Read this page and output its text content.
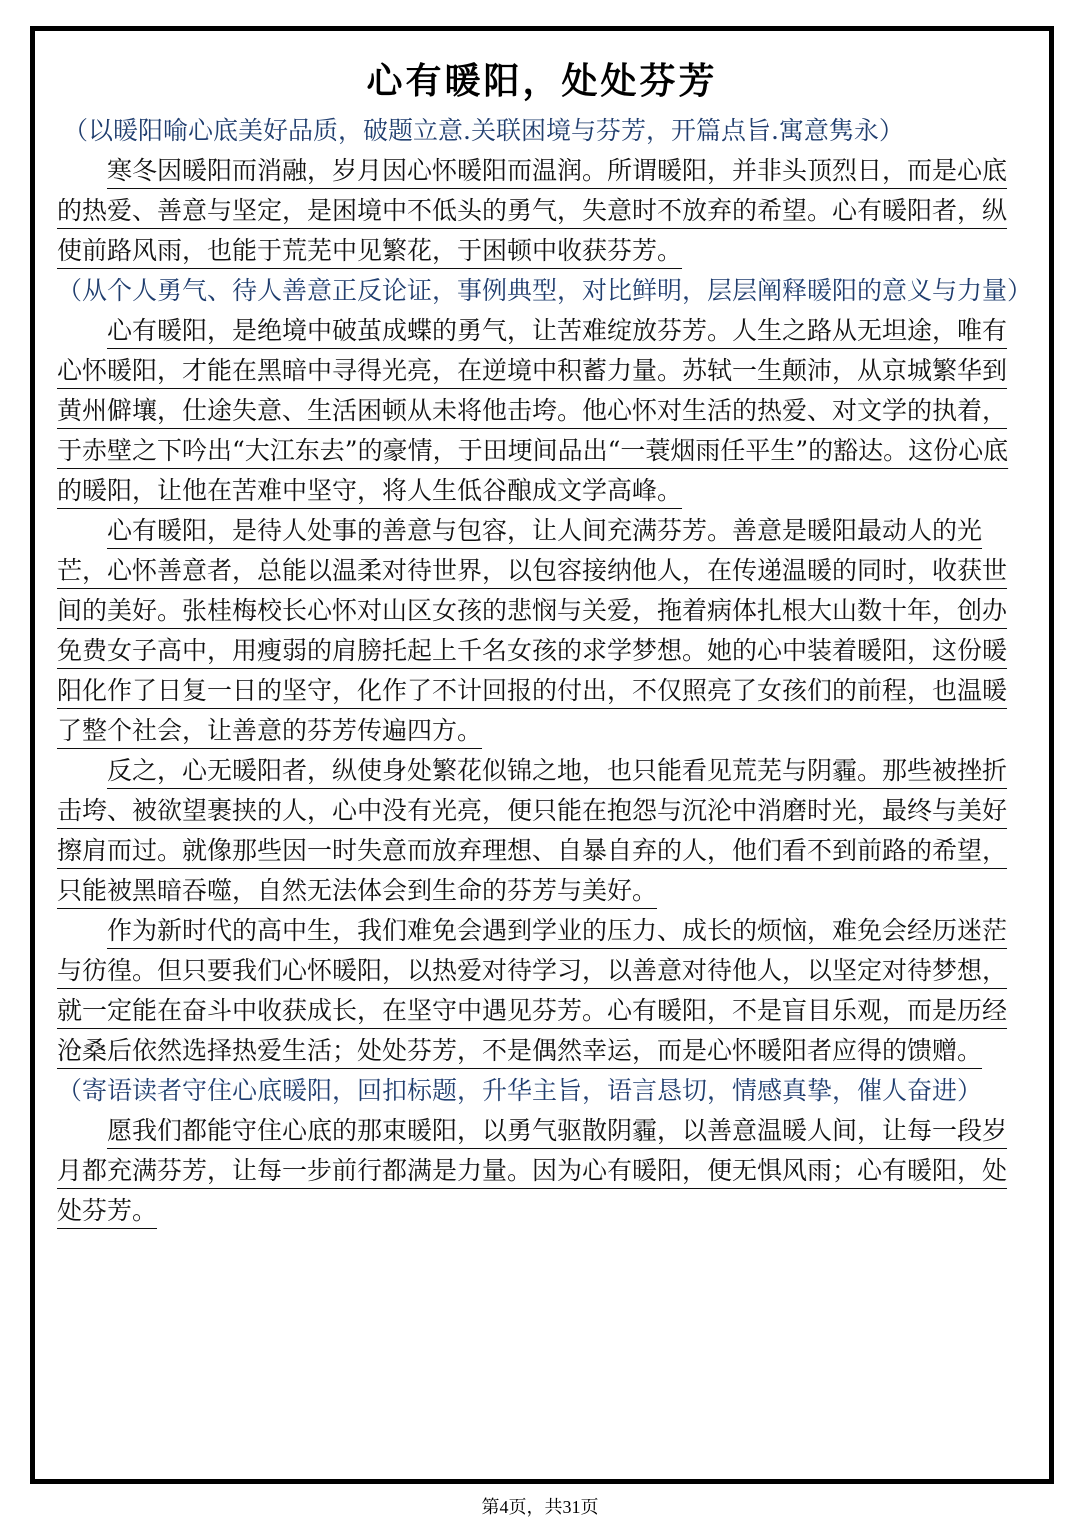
心有暖阳，处处芬芳

（以暖阳喻心底美好品质，破题立意.关联困境与芬芳，开篇点旨.寓意隽永）

寒冬因暖阳而消融，岁月因心怀暖阳而温润。所谓暖阳，并非头顶烈日，而是心底的热爱、善意与坚定，是困境中不低头的勇气，失意时不放弃的希望。心有暖阳者，纵使前路风雨，也能于荒芜中见繁花，于困顿中收获芬芳。

（从个人勇气、待人善意正反论证，事例典型，对比鲜明，层层阐释暖阳的意义与力量）

心有暖阳，是绝境中破茧成蝶的勇气，让苦难绽放芬芳。人生之路从无坦途，唯有心怀暖阳，才能在黑暗中寻得光亮，在逆境中积蓄力量。苏轼一生颠沛，从京城繁华到黄州僻壤，仕途失意、生活困顿从未将他击垮。他心怀对生活的热爱、对文学的执着，于赤壁之下吟出“大江东去”的豪情，于田埂间品出“一蓑烟雨任平生”的豁达。这份心底的暖阳，让他在苦难中坚守，将人生低谷酿成文学高峰。

心有暖阳，是待人处事的善意与包容，让人间充满芬芳。善意是暖阳最动人的光芒，心怀善意者，总能以温柔对待世界，以包容接纳他人，在传递温暖的同时，收获世间的美好。张桂梅校长心怀对山区女孩的悲悯与关爱，拖着病体扎根大山数十年，创办免费女子高中，用瘦弱的肩膀托起上千名女孩的求学梦想。她的心中装着暖阳，这份暖阳化作了日复一日的坚守，化作了不计回报的付出，不仅照亮了女孩们的前程，也温暖了整个社会，让善意的芬芳传遍四方。

反之，心无暖阳者，纵使身处繁花似锦之地，也只能看见荒芜与阴霾。那些被挫折击垮、被欲望裹挟的人，心中没有光亮，便只能在抱怨与沉沦中消磨时光，最终与美好擦肩而过。就像那些因一时失意而放弃理想、自暴自弃的人，他们看不到前路的希望，只能被黑暗吞噬，自然无法体会到生命的芬芳与美好。

作为新时代的高中生，我们难免会遇到学业的压力、成长的烦恼，难免会经历迷茫与彷徨。但只要我们心怀暖阳，以热爱对待学习，以善意对待他人，以坚定对待梦想，就一定能在奋斗中收获成长，在坚守中遇见芬芳。心有暖阳，不是盲目乐观，而是历经沧桑后依然选择热爱生活；处处芬芳，不是偶然幸运，而是心怀暖阳者应得的馈赠。

（寄语读者守住心底暖阳，回扣标题，升华主旨，语言恳切，情感真挚，催人奋进）

愿我们都能守住心底的那束暖阳，以勇气驱散阴霾，以善意温暖人间，让每一段岁月都充满芬芳，让每一步前行都满是力量。因为心有暖阳，便无惧风雨；心有暖阳，处处芬芳。

第4页，共31页
